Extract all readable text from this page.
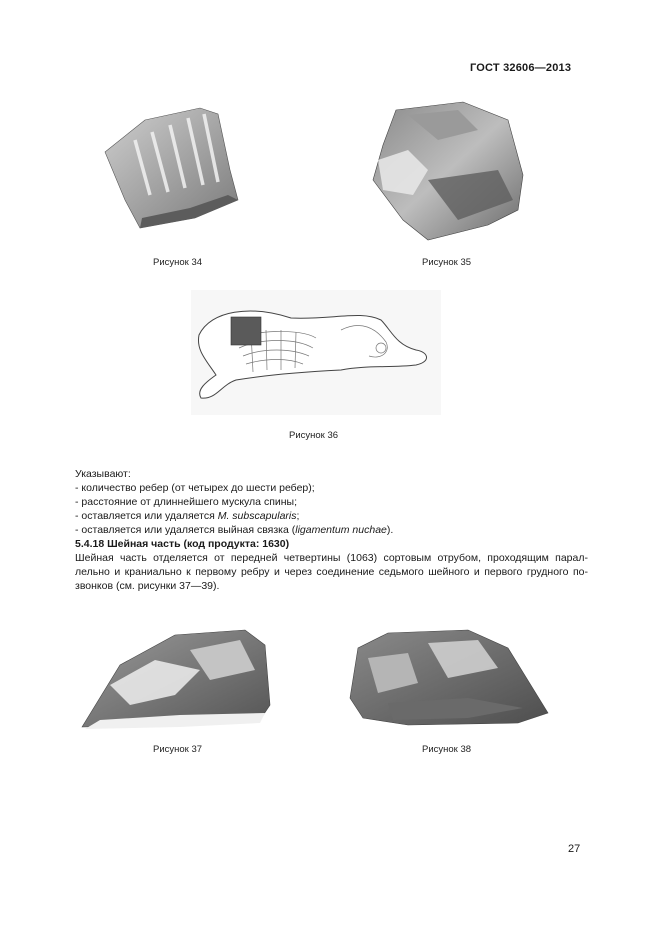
ГОСТ 32606—2013
Рисунок 34	Рисунок 35
Рисунок 36
Указывают:
- количество ребер (от четырех до шести ребер);
- расстояние от длиннейшего мускула спины;
- оставляется или удаляется M. subscapularis;
- оставляется или удаляется выйная связка (ligamentum nuchae).
5.4.18 Шейная часть (код продукта: 1630)
Шейная часть отделяется от передней четвертины (1063) сортовым отрубом, проходящим парал-
лельно и краниально к первому ребру и через соединение седьмого шейного и первого грудного по-
звонков (см. рисунки 37—39).
Рисунок 37	Рисунок 38
27
